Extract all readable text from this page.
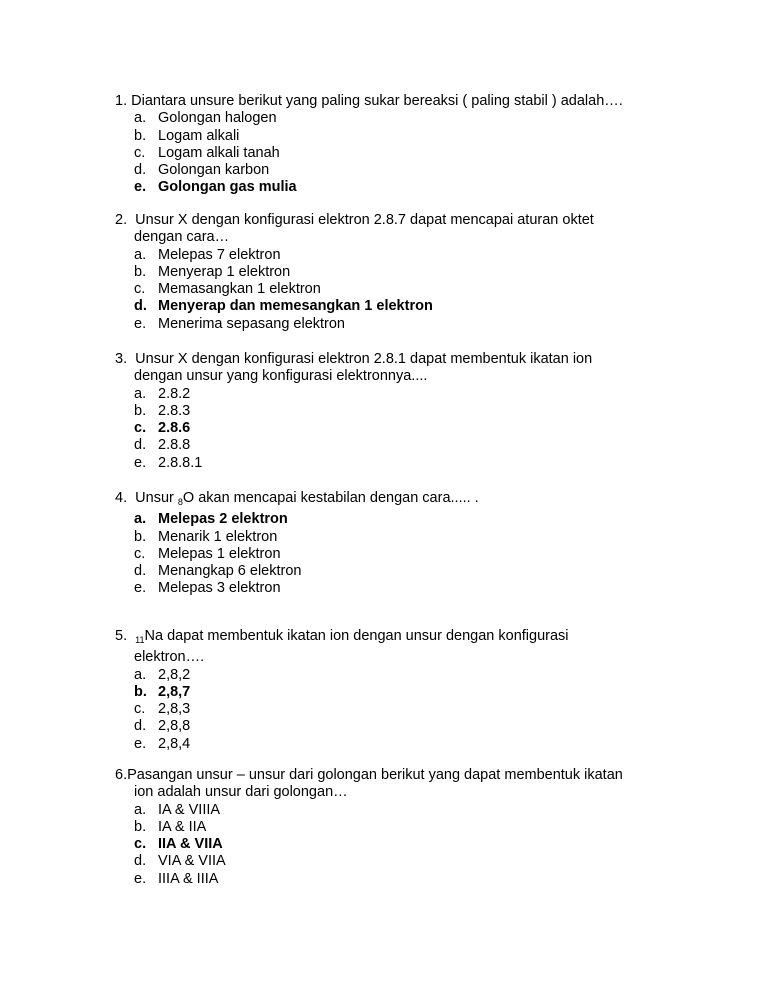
1. Diantara unsure berikut yang paling sukar bereaksi ( paling stabil ) adalah….
a. Golongan halogen
b. Logam alkali
c. Logam alkali tanah
d. Golongan karbon
e. Golongan gas mulia
2. Unsur X dengan konfigurasi elektron 2.8.7 dapat mencapai aturan oktet
dengan cara…
a. Melepas 7 elektron
b. Menyerap 1 elektron
c. Memasangkan 1 elektron
d. Menyerap dan memesangkan 1 elektron
e. Menerima sepasang elektron
3. Unsur X dengan konfigurasi elektron 2.8.1 dapat membentuk ikatan ion
dengan unsur yang konfigurasi elektronnya....
a. 2.8.2
b. 2.8.3
c. 2.8.6
d. 2.8.8
e. 2.8.8.1
4. Unsur $_8$O akan mencapai kestabilan dengan cara..... .
a. Melepas 2 elektron
b. Menarik 1 elektron
c. Melepas 1 elektron
d. Menangkap 6 elektron
e. Melepas 3 elektron
5. $_{11}$Na dapat membentuk ikatan ion dengan unsur dengan konfigurasi
elektron….
a. 2,8,2
b. 2,8,7
c. 2,8,3
d. 2,8,8
e. 2,8,4
6.Pasangan unsur – unsur dari golongan berikut yang dapat membentuk ikatan
ion adalah unsur dari golongan…
a. IA & VIIIA
b. IA & IIA
c. IIA & VIIA
d. VIA & VIIA
e. IIIA & IIIA
